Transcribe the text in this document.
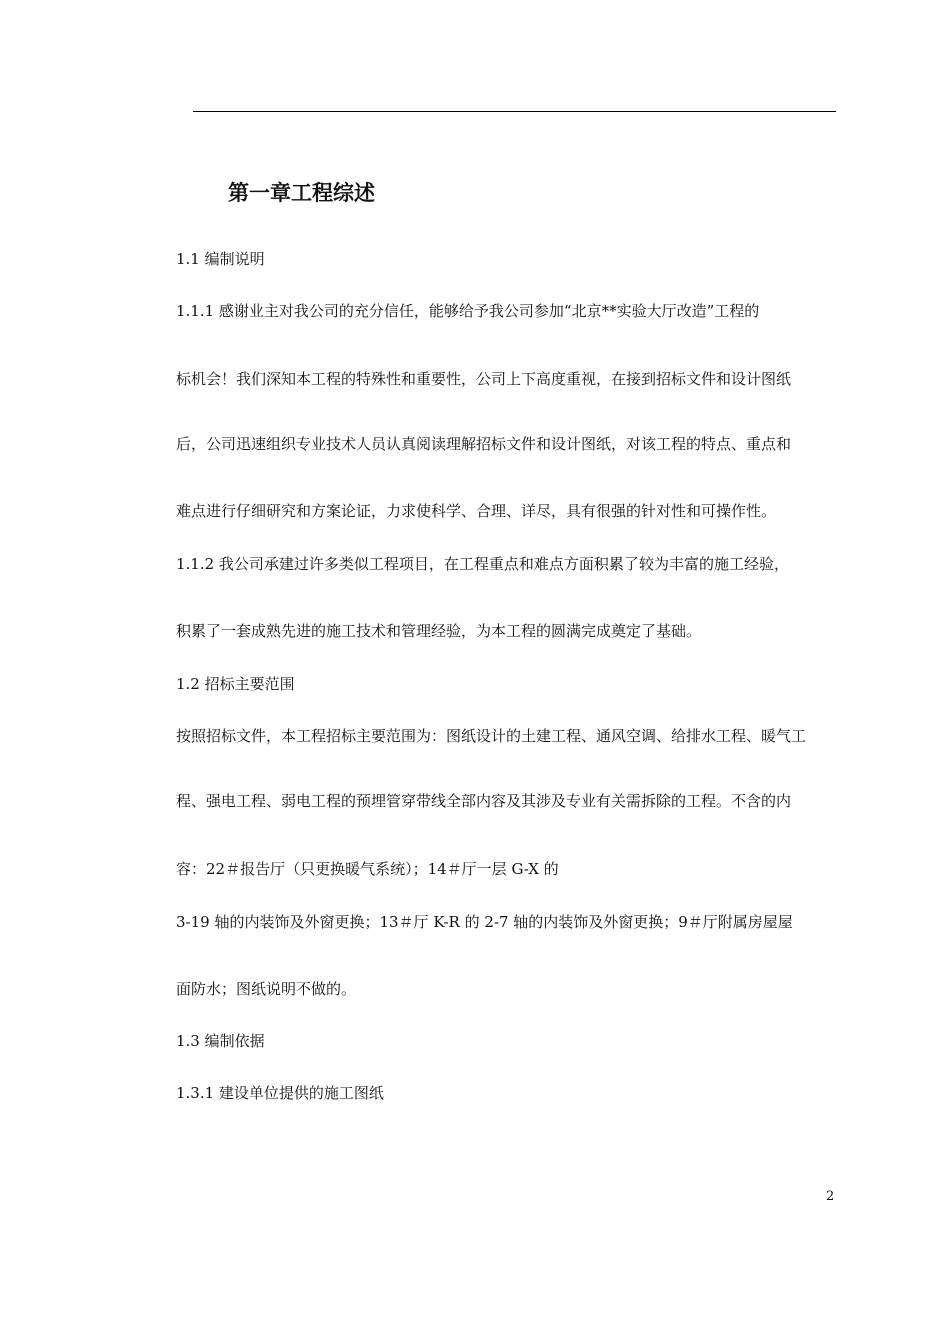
第一章工程综述
1.1 编制说明
1.1.1 感谢业主对我公司的充分信任，能够给予我公司参加“北京**实验大厅改造”工程的
标机会！我们深知本工程的特殊性和重要性，公司上下高度重视，在接到招标文件和设计图纸
后，公司迅速组织专业技术人员认真阅读理解招标文件和设计图纸，对该工程的特点、重点和
难点进行仔细研究和方案论证，力求使科学、合理、详尽，具有很强的针对性和可操作性。
1.1.2 我公司承建过许多类似工程项目，在工程重点和难点方面积累了较为丰富的施工经验，
积累了一套成熟先进的施工技术和管理经验，为本工程的圆满完成奠定了基础。
1.2 招标主要范围
按照招标文件，本工程招标主要范围为：图纸设计的土建工程、通风空调、给排水工程、暖气工
程、强电工程、弱电工程的预埋管穿带线全部内容及其涉及专业有关需拆除的工程。不含的内
容：22＃报告厅（只更换暖气系统）；14＃厅一层 G-X 的
3-19 轴的内装饰及外窗更换；13＃厅 K-R 的 2-7 轴的内装饰及外窗更换；9＃厅附属房屋屋
面防水；图纸说明不做的。
1.3 编制依据
1.3.1 建设单位提供的施工图纸
2
